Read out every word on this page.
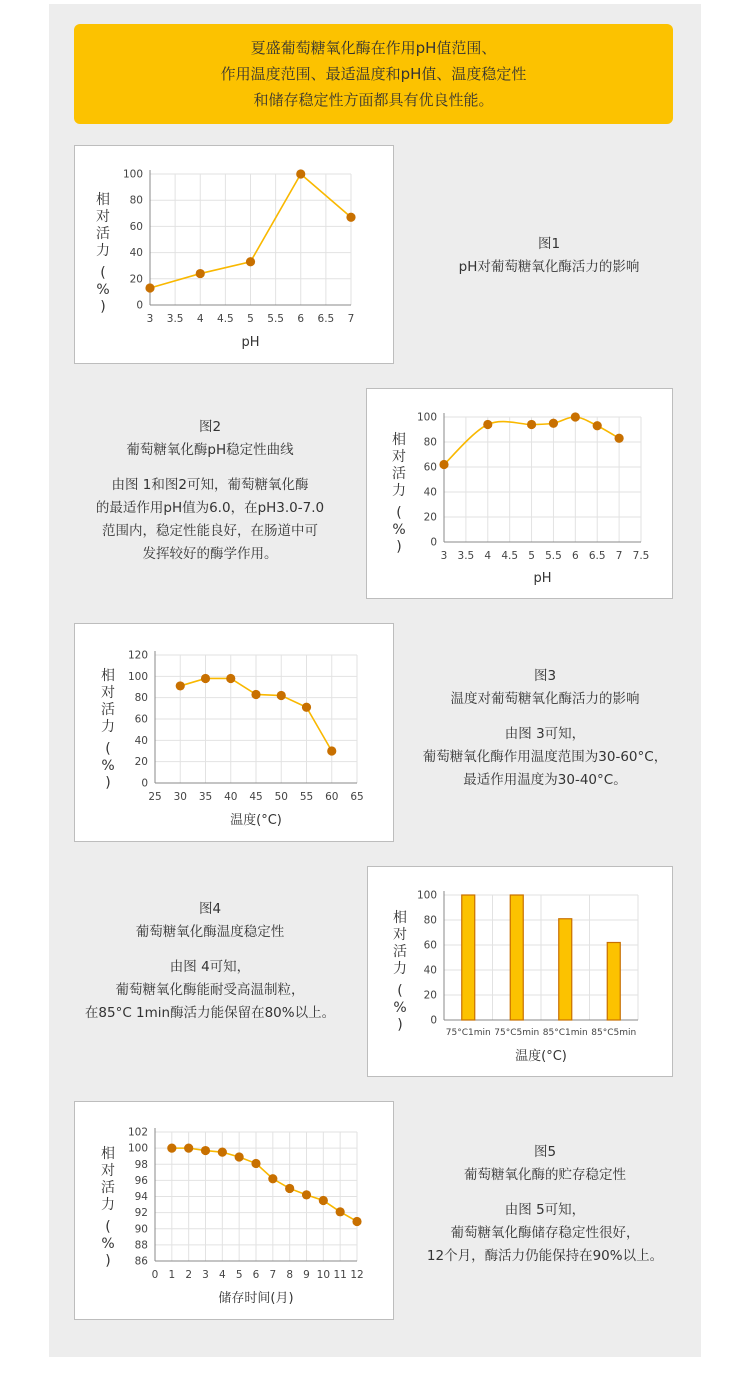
夏盛葡萄糖氧化酶在作用pH值范围、
作用温度范围、最适温度和pH值、温度稳定性
和储存稳定性方面都具有优良性能。
0
20
40
60
80
100
3 3.5 4 4.5 5 5.5 6 6.5 7
pH
相对活力( % )
图1
pH对葡萄糖氧化酶活力的影响
0
20
40
60
80
100
3 3.5 4 4.5 5 5.5 6 6.5 7 7.5
pH
相对活力( % )
图2
葡萄糖氧化酶pH稳定性曲线
由图 1和图2可知，葡萄糖氧化酶
的最适作用pH值为6.0，在pH3.0-7.0
范围内，稳定性能良好，在肠道中可
发挥较好的酶学作用。
0
20
40
60
80
100
120
25 30 35 40 45 50 55 60 65
温度(°C)
相对活力( % )
图3
温度对葡萄糖氧化酶活力的影响
由图 3可知，
葡萄糖氧化酶作用温度范围为30-60°C，
最适作用温度为30-40°C。
0
20
40
60
80
100
75°C1min 75°C5min 85°C1min 85°C5min
温度(°C)
相对活力( % )
图4
葡萄糖氧化酶温度稳定性
由图 4可知，
葡萄糖氧化酶能耐受高温制粒，
在85°C 1min酶活力能保留在80%以上。
86
88
90
92
94
96
98
100
102
0 1 2 3 4 5 6 7 8 9 10 11 12
储存时间(月)
相对活力( % )
图5
葡萄糖氧化酶的贮存稳定性
由图 5可知，
葡萄糖氧化酶储存稳定性很好，
12个月，酶活力仍能保持在90%以上。
